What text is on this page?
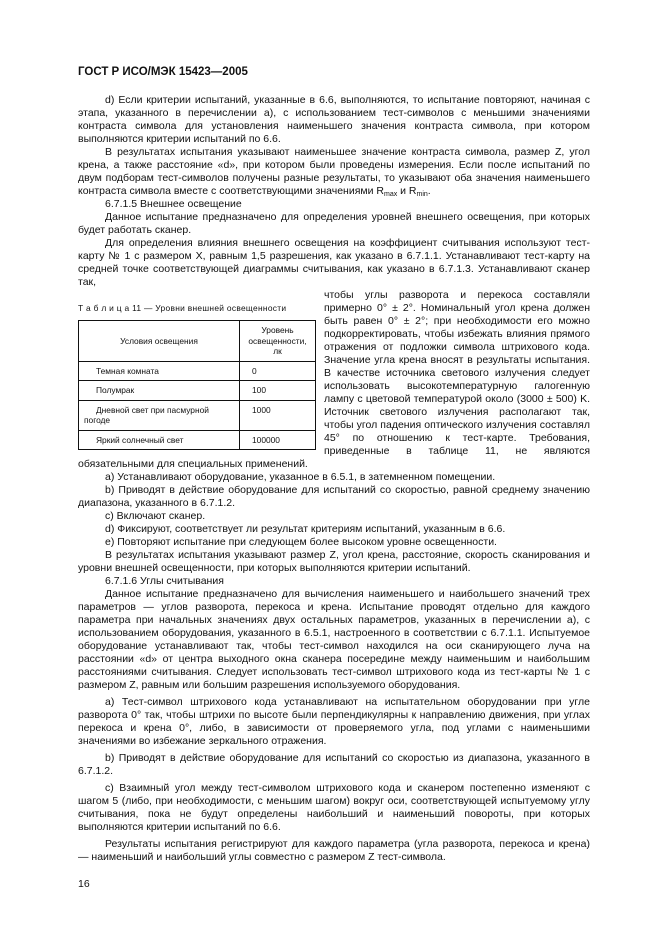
ГОСТ Р ИСО/МЭК 15423—2005

d) Если критерии испытаний, указанные в 6.6, выполняются, то испытание повторяют, начиная с этапа, указанного в перечислении а), с использованием тест-символов с меньшими значениями контраста символа для установления наименьшего значения контраста символа, при котором выполняются критерии испытаний по 6.6.

В результатах испытания указывают наименьшее значение контраста символа, размер Z, угол крена, а также расстояние «d», при котором были проведены измерения. Если после испытаний по двум подборам тест-символов получены разные результаты, то указывают оба значения наименьшего контраста символа вместе с соответствующими значениями $R_{max}$ и $R_{min}$.

6.7.1.5 Внешнее освещение

Данное испытание предназначено для определения уровней внешнего освещения, при которых будет работать сканер.

Для определения влияния внешнего освещения на коэффициент считывания используют тест-карту № 1 с размером X, равным 1,5 разрешения, как указано в 6.7.1.1. Устанавливают тест-карту на средней точке соответствующей диаграммы считывания, как указано в 6.7.1.3. Устанавливают сканер так,

Т а б л и ц а 11 — Уровни внешней освещенности
Условия освещения	Уровень освещенности, лк
Темная комната	0
Полумрак	100
Дневной свет при пасмурной погоде	1000
Яркий солнечный свет	100000

чтобы углы разворота и перекоса составляли примерно 0° ± 2°. Номинальный угол крена должен быть равен 0° ± 2°; при необходимости его можно подкорректировать, чтобы избежать влияния прямого отражения от подложки символа штрихового кода. Значение угла крена вносят в результаты испытания. В качестве источника светового излучения следует использовать высокотемпературную галогенную лампу с цветовой температурой около (3000 ± 500) K. Источник светового излучения располагают так, чтобы угол падения оптического излучения составлял 45° по отношению к тест-карте. Требования, приведенные в таблице 11, не являются обязательными для специальных применений.

а) Устанавливают оборудование, указанное в 6.5.1, в затемненном помещении.

b) Приводят в действие оборудование для испытаний со скоростью, равной среднему значению диапазона, указанного в 6.7.1.2.

c) Включают сканер.

d) Фиксируют, соответствует ли результат критериям испытаний, указанным в 6.6.

e) Повторяют испытание при следующем более высоком уровне освещенности.

В результатах испытания указывают размер Z, угол крена, расстояние, скорость сканирования и уровни внешней освещенности, при которых выполняются критерии испытаний.

6.7.1.6 Углы считывания

Данное испытание предназначено для вычисления наименьшего и наибольшего значений трех параметров — углов разворота, перекоса и крена. Испытание проводят отдельно для каждого параметра при начальных значениях двух остальных параметров, указанных в перечислении а), с использованием оборудования, указанного в 6.5.1, настроенного в соответствии с 6.7.1.1. Испытуемое оборудование устанавливают так, чтобы тест-символ находился на оси сканирующего луча на расстоянии «d» от центра выходного окна сканера посередине между наименьшим и наибольшим расстояниями считывания. Следует использовать тест-символ штрихового кода из тест-карты № 1 с размером Z, равным или большим разрешения используемого оборудования.

а) Тест-символ штрихового кода устанавливают на испытательном оборудовании при угле разворота 0° так, чтобы штрихи по высоте были перпендикулярны к направлению движения, при углах перекоса и крена 0°, либо, в зависимости от проверяемого угла, под углами с наименьшими значениями во избежание зеркального отражения.

b) Приводят в действие оборудование для испытаний со скоростью из диапазона, указанного в 6.7.1.2.

c) Взаимный угол между тест-символом штрихового кода и сканером постепенно изменяют с шагом 5 (либо, при необходимости, с меньшим шагом) вокруг оси, соответствующей испытуемому углу считывания, пока не будут определены наибольший и наименьший повороты, при которых выполняются критерии испытаний по 6.6.

Результаты испытания регистрируют для каждого параметра (угла разворота, перекоса и крена) — наименьший и наибольший углы совместно с размером Z тест-символа.

16
